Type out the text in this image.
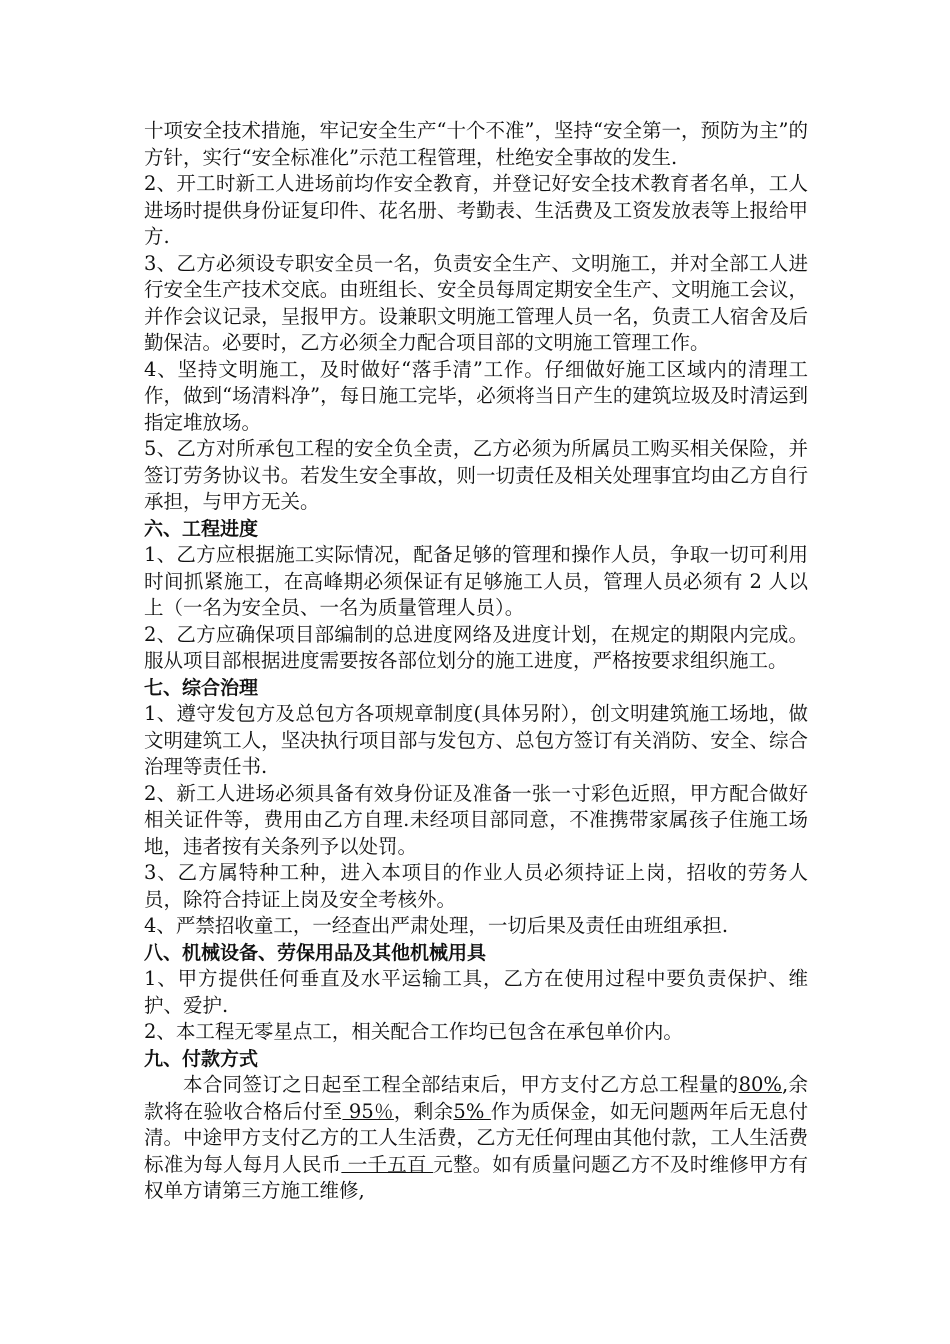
十项安全技术措施，牢记安全生产“十个不准”，坚持“安全第一，预防为主”的方针，实行“安全标准化”示范工程管理，杜绝安全事故的发生.

2、开工时新工人进场前均作安全教育，并登记好安全技术教育者名单，工人进场时提供身份证复印件、花名册、考勤表、生活费及工资发放表等上报给甲方.

3、乙方必须设专职安全员一名，负责安全生产、文明施工，并对全部工人进行安全生产技术交底。由班组长、安全员每周定期安全生产、文明施工会议，并作会议记录，呈报甲方。设兼职文明施工管理人员一名，负责工人宿舍及后勤保洁。必要时，乙方必须全力配合项目部的文明施工管理工作。

4、坚持文明施工，及时做好“落手清”工作。仔细做好施工区域内的清理工作，做到“场清料净”，每日施工完毕，必须将当日产生的建筑垃圾及时清运到指定堆放场。

5、乙方对所承包工程的安全负全责，乙方必须为所属员工购买相关保险，并签订劳务协议书。若发生安全事故，则一切责任及相关处理事宜均由乙方自行承担，与甲方无关。

六、工程进度

1、乙方应根据施工实际情况，配备足够的管理和操作人员，争取一切可利用时间抓紧施工，在高峰期必须保证有足够施工人员，管理人员必须有 2 人以上（一名为安全员、一名为质量管理人员）。

2、乙方应确保项目部编制的总进度网络及进度计划，在规定的期限内完成。服从项目部根据进度需要按各部位划分的施工进度，严格按要求组织施工。

七、综合治理

1、遵守发包方及总包方各项规章制度(具体另附），创文明建筑施工场地，做文明建筑工人，坚决执行项目部与发包方、总包方签订有关消防、安全、综合治理等责任书.

2、新工人进场必须具备有效身份证及准备一张一寸彩色近照，甲方配合做好相关证件等，费用由乙方自理.未经项目部同意，不准携带家属孩子住施工场地，违者按有关条列予以处罚。

3、乙方属特种工种，进入本项目的作业人员必须持证上岗，招收的劳务人员，除符合持证上岗及安全考核外。

4、严禁招收童工，一经查出严肃处理，一切后果及责任由班组承担.

八、机械设备、劳保用品及其他机械用具

1、甲方提供任何垂直及水平运输工具，乙方在使用过程中要负责保护、维护、爱护.

2、本工程无零星点工，相关配合工作均已包含在承包单价内。

九、付款方式

本合同签订之日起至工程全部结束后，甲方支付乙方总工程量的80%,余款将在验收合格后付至 95％，剩余5% 作为质保金，如无问题两年后无息付清。中途甲方支付乙方的工人生活费，乙方无任何理由其他付款，工人生活费标准为每人每月人民币 一千五百 元整。如有质量问题乙方不及时维修甲方有权单方请第三方施工维修,
